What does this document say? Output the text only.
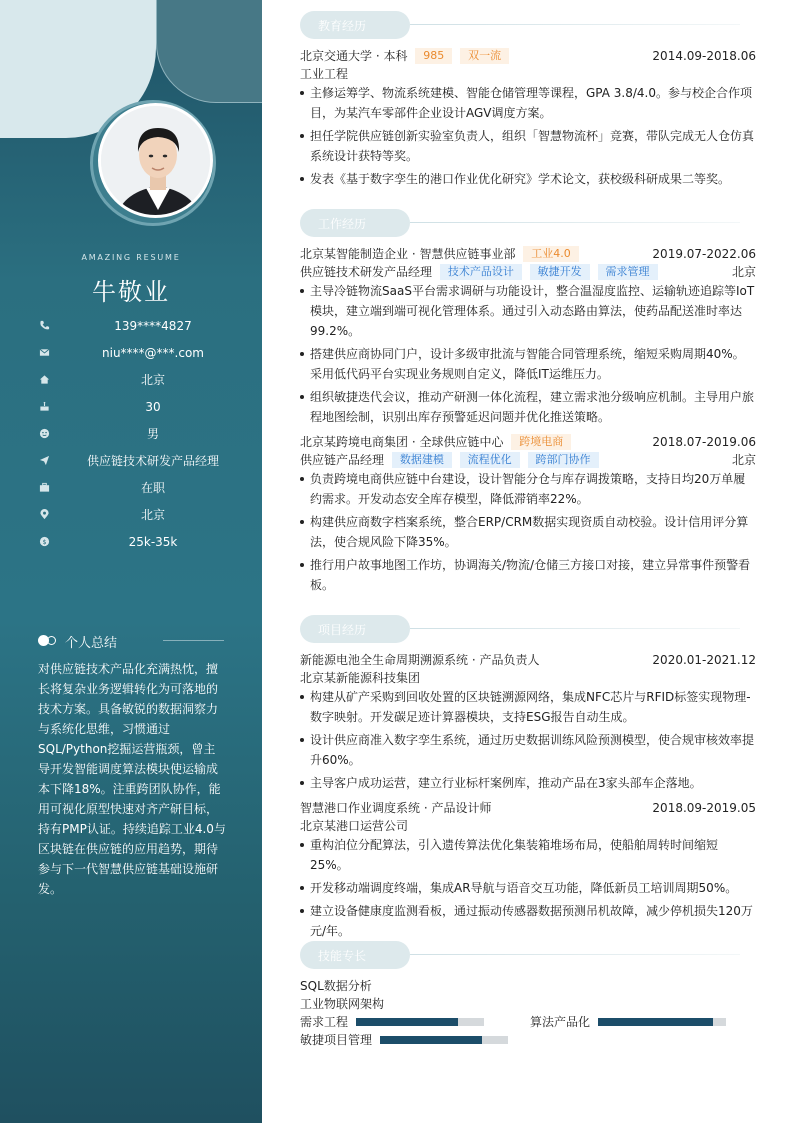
AMAZING RESUME
牛敬业
139****4827
niu****@***.com
北京
30
男
供应链技术研发产品经理
在职
北京
$	25k-35k
个人总结
对供应链技术产品化充满热忱，擅长将复杂业务逻辑转化为可落地的技术方案。具备敏锐的数据洞察力与系统化思维，习惯通过SQL/Python挖掘运营瓶颈，曾主导开发智能调度算法模块使运输成本下降18%。注重跨团队协作，能用可视化原型快速对齐产研目标，持有PMP认证。持续追踪工业4.0与区块链在供应链的应用趋势，期待参与下一代智慧供应链基础设施研发。
教育经历
北京交通大学 · 本科 985 双一流	2014.09-2018.06
工业工程
主修运筹学、物流系统建模、智能仓储管理等课程，GPA 3.8/4.0。参与校企合作项目，为某汽车零部件企业设计AGV调度方案。
担任学院供应链创新实验室负责人，组织「智慧物流杯」竞赛，带队完成无人仓仿真系统设计获特等奖。
发表《基于数字孪生的港口作业优化研究》学术论文，获校级科研成果二等奖。
工作经历
北京某智能制造企业 · 智慧供应链事业部 工业4.0	2019.07-2022.06
供应链技术研发产品经理 技术产品设计 敏捷开发 需求管理	北京
主导冷链物流SaaS平台需求调研与功能设计，整合温湿度监控、运输轨迹追踪等IoT模块，建立端到端可视化管理体系。通过引入动态路由算法，使药品配送准时率达99.2%。
搭建供应商协同门户，设计多级审批流与智能合同管理系统，缩短采购周期40%。采用低代码平台实现业务规则自定义，降低IT运维压力。
组织敏捷迭代会议，推动产研测一体化流程，建立需求池分级响应机制。主导用户旅程地图绘制，识别出库存预警延迟问题并优化推送策略。
北京某跨境电商集团 · 全球供应链中心 跨境电商	2018.07-2019.06
供应链产品经理 数据建模 流程优化 跨部门协作	北京
负责跨境电商供应链中台建设，设计智能分仓与库存调拨策略，支持日均20万单履约需求。开发动态安全库存模型，降低滞销率22%。
构建供应商数字档案系统，整合ERP/CRM数据实现资质自动校验。设计信用评分算法，使合规风险下降35%。
推行用户故事地图工作坊，协调海关/物流/仓储三方接口对接，建立异常事件预警看板。
项目经历
新能源电池全生命周期溯源系统 · 产品负责人	2020.01-2021.12
北京某新能源科技集团
构建从矿产采购到回收处置的区块链溯源网络，集成NFC芯片与RFID标签实现物理-数字映射。开发碳足迹计算器模块，支持ESG报告自动生成。
设计供应商准入数字孪生系统，通过历史数据训练风险预测模型，使合规审核效率提升60%。
主导客户成功运营，建立行业标杆案例库，推动产品在3家头部车企落地。
智慧港口作业调度系统 · 产品设计师	2018.09-2019.05
北京某港口运营公司
重构泊位分配算法，引入遗传算法优化集装箱堆场布局，使船舶周转时间缩短25%。
开发移动端调度终端，集成AR导航与语音交互功能，降低新员工培训周期50%。
建立设备健康度监测看板，通过振动传感器数据预测吊机故障，减少停机损失120万元/年。
技能专长
SQL数据分析
工业物联网架构
需求工程	算法产品化
敏捷项目管理
